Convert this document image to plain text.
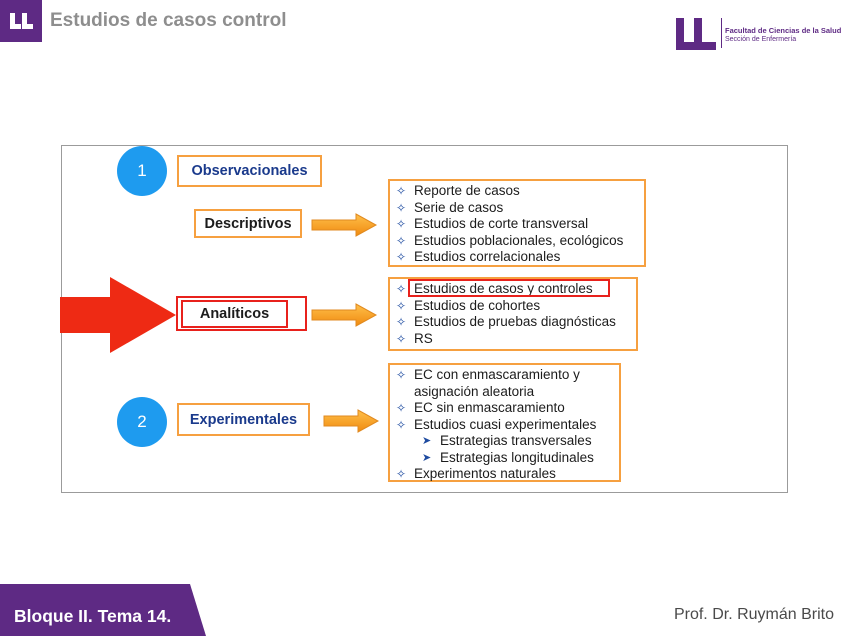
Estudios de casos control	Facultad de Ciencias de la Salud
Sección de Enfermería
1
2
Observacionales
Descriptivos
Analíticos
Experimentales
✧ Reporte de casos
✧ Serie de casos
✧ Estudios de corte transversal
✧ Estudios poblacionales, ecológicos
✧ Estudios correlacionales
✧ Estudios de casos y controles
✧ Estudios de cohortes
✧ Estudios de pruebas diagnósticas
✧ RS
✧ EC con enmascaramiento y
asignación aleatoria
✧ EC sin enmascaramiento
✧ Estudios cuasi experimentales
➤ Estrategias transversales
➤ Estrategias longitudinales
✧ Experimentos naturales
Bloque II. Tema 14.	Prof. Dr. Ruymán Brito
